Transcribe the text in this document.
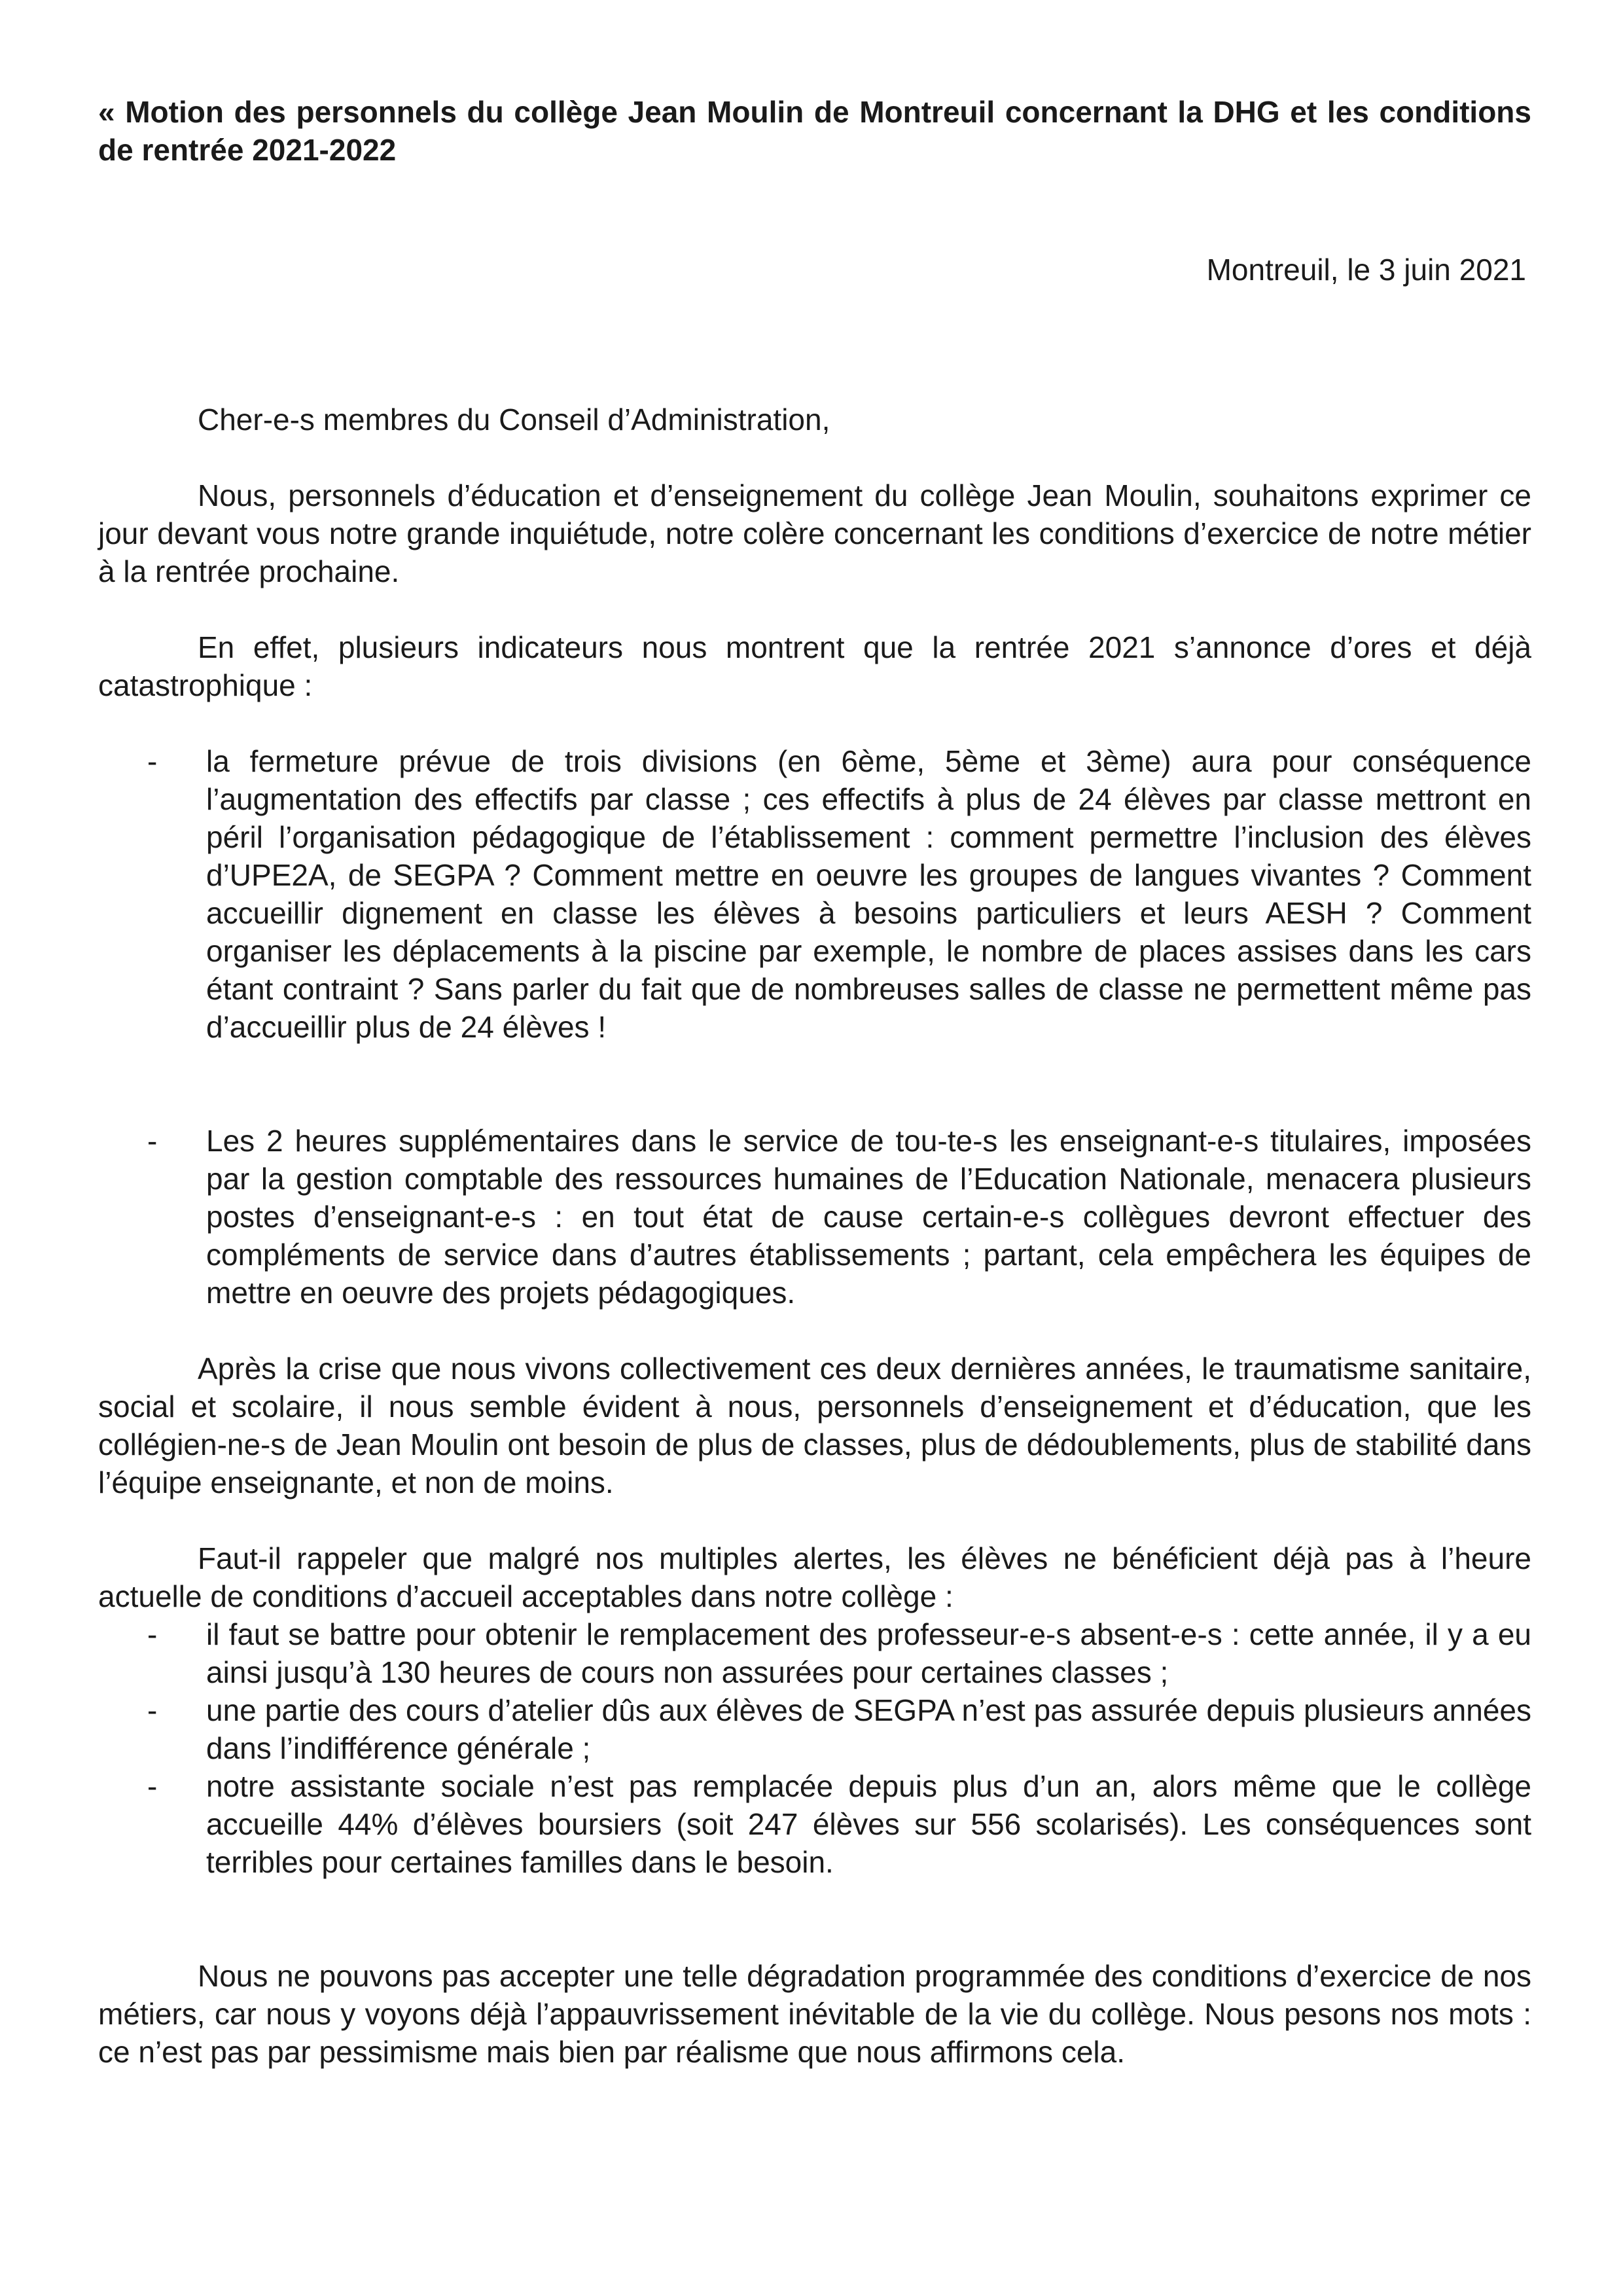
« Motion des personnels du collège Jean Moulin de Montreuil concernant la DHG et les conditions de rentrée 2021-2022
Montreuil, le 3 juin 2021
Cher-e-s membres du Conseil d’Administration,

Nous, personnels d’éducation et d’enseignement du collège Jean Moulin, souhaitons exprimer ce jour devant vous notre grande inquiétude, notre colère concernant les conditions d’exercice de notre métier à la rentrée prochaine.

En effet, plusieurs indicateurs nous montrent que la rentrée 2021 s’annonce d’ores et déjà catastrophique :

- la fermeture prévue de trois divisions (en 6ème, 5ème et 3ème) aura pour conséquence l’augmentation des effectifs par classe ; ces effectifs à plus de 24 élèves par classe mettront en péril l’organisation pédagogique de l’établissement : comment permettre l’inclusion des élèves d’UPE2A, de SEGPA ? Comment mettre en oeuvre les groupes de langues vivantes ? Comment accueillir dignement en classe les élèves à besoins particuliers et leurs AESH ? Comment organiser les déplacements à la piscine par exemple, le nombre de places assises dans les cars étant contraint ? Sans parler du fait que de nombreuses salles de classe ne permettent même pas d’accueillir plus de 24 élèves !
- Les 2 heures supplémentaires dans le service de tou-te-s les enseignant-e-s titulaires, imposées par la gestion comptable des ressources humaines de l’Education Nationale, menacera plusieurs postes d’enseignant-e-s : en tout état de cause certain-e-s collègues devront effectuer des compléments de service dans d’autres établissements ; partant, cela empêchera les équipes de mettre en oeuvre des projets pédagogiques.

Après la crise que nous vivons collectivement ces deux dernières années, le traumatisme sanitaire, social et scolaire, il nous semble évident à nous, personnels d’enseignement et d’éducation, que les collégien-ne-s de Jean Moulin ont besoin de plus de classes, plus de dédoublements, plus de stabilité dans l’équipe enseignante, et non de moins.

Faut-il rappeler que malgré nos multiples alertes, les élèves ne bénéficient déjà pas à l’heure actuelle de conditions d’accueil acceptables dans notre collège :

- il faut se battre pour obtenir le remplacement des professeur-e-s absent-e-s : cette année, il y a eu ainsi jusqu’à 130 heures de cours non assurées pour certaines classes ;
- une partie des cours d’atelier dûs aux élèves de SEGPA n’est pas assurée depuis plusieurs années dans l’indifférence générale ;
- notre assistante sociale n’est pas remplacée depuis plus d’un an, alors même que le collège accueille 44% d’élèves boursiers (soit 247 élèves sur 556 scolarisés). Les conséquences sont terribles pour certaines familles dans le besoin.

Nous ne pouvons pas accepter une telle dégradation programmée des conditions d’exercice de nos métiers, car nous y voyons déjà l’appauvrissement inévitable de la vie du collège. Nous pesons nos mots : ce n’est pas par pessimisme mais bien par réalisme que nous affirmons cela.
